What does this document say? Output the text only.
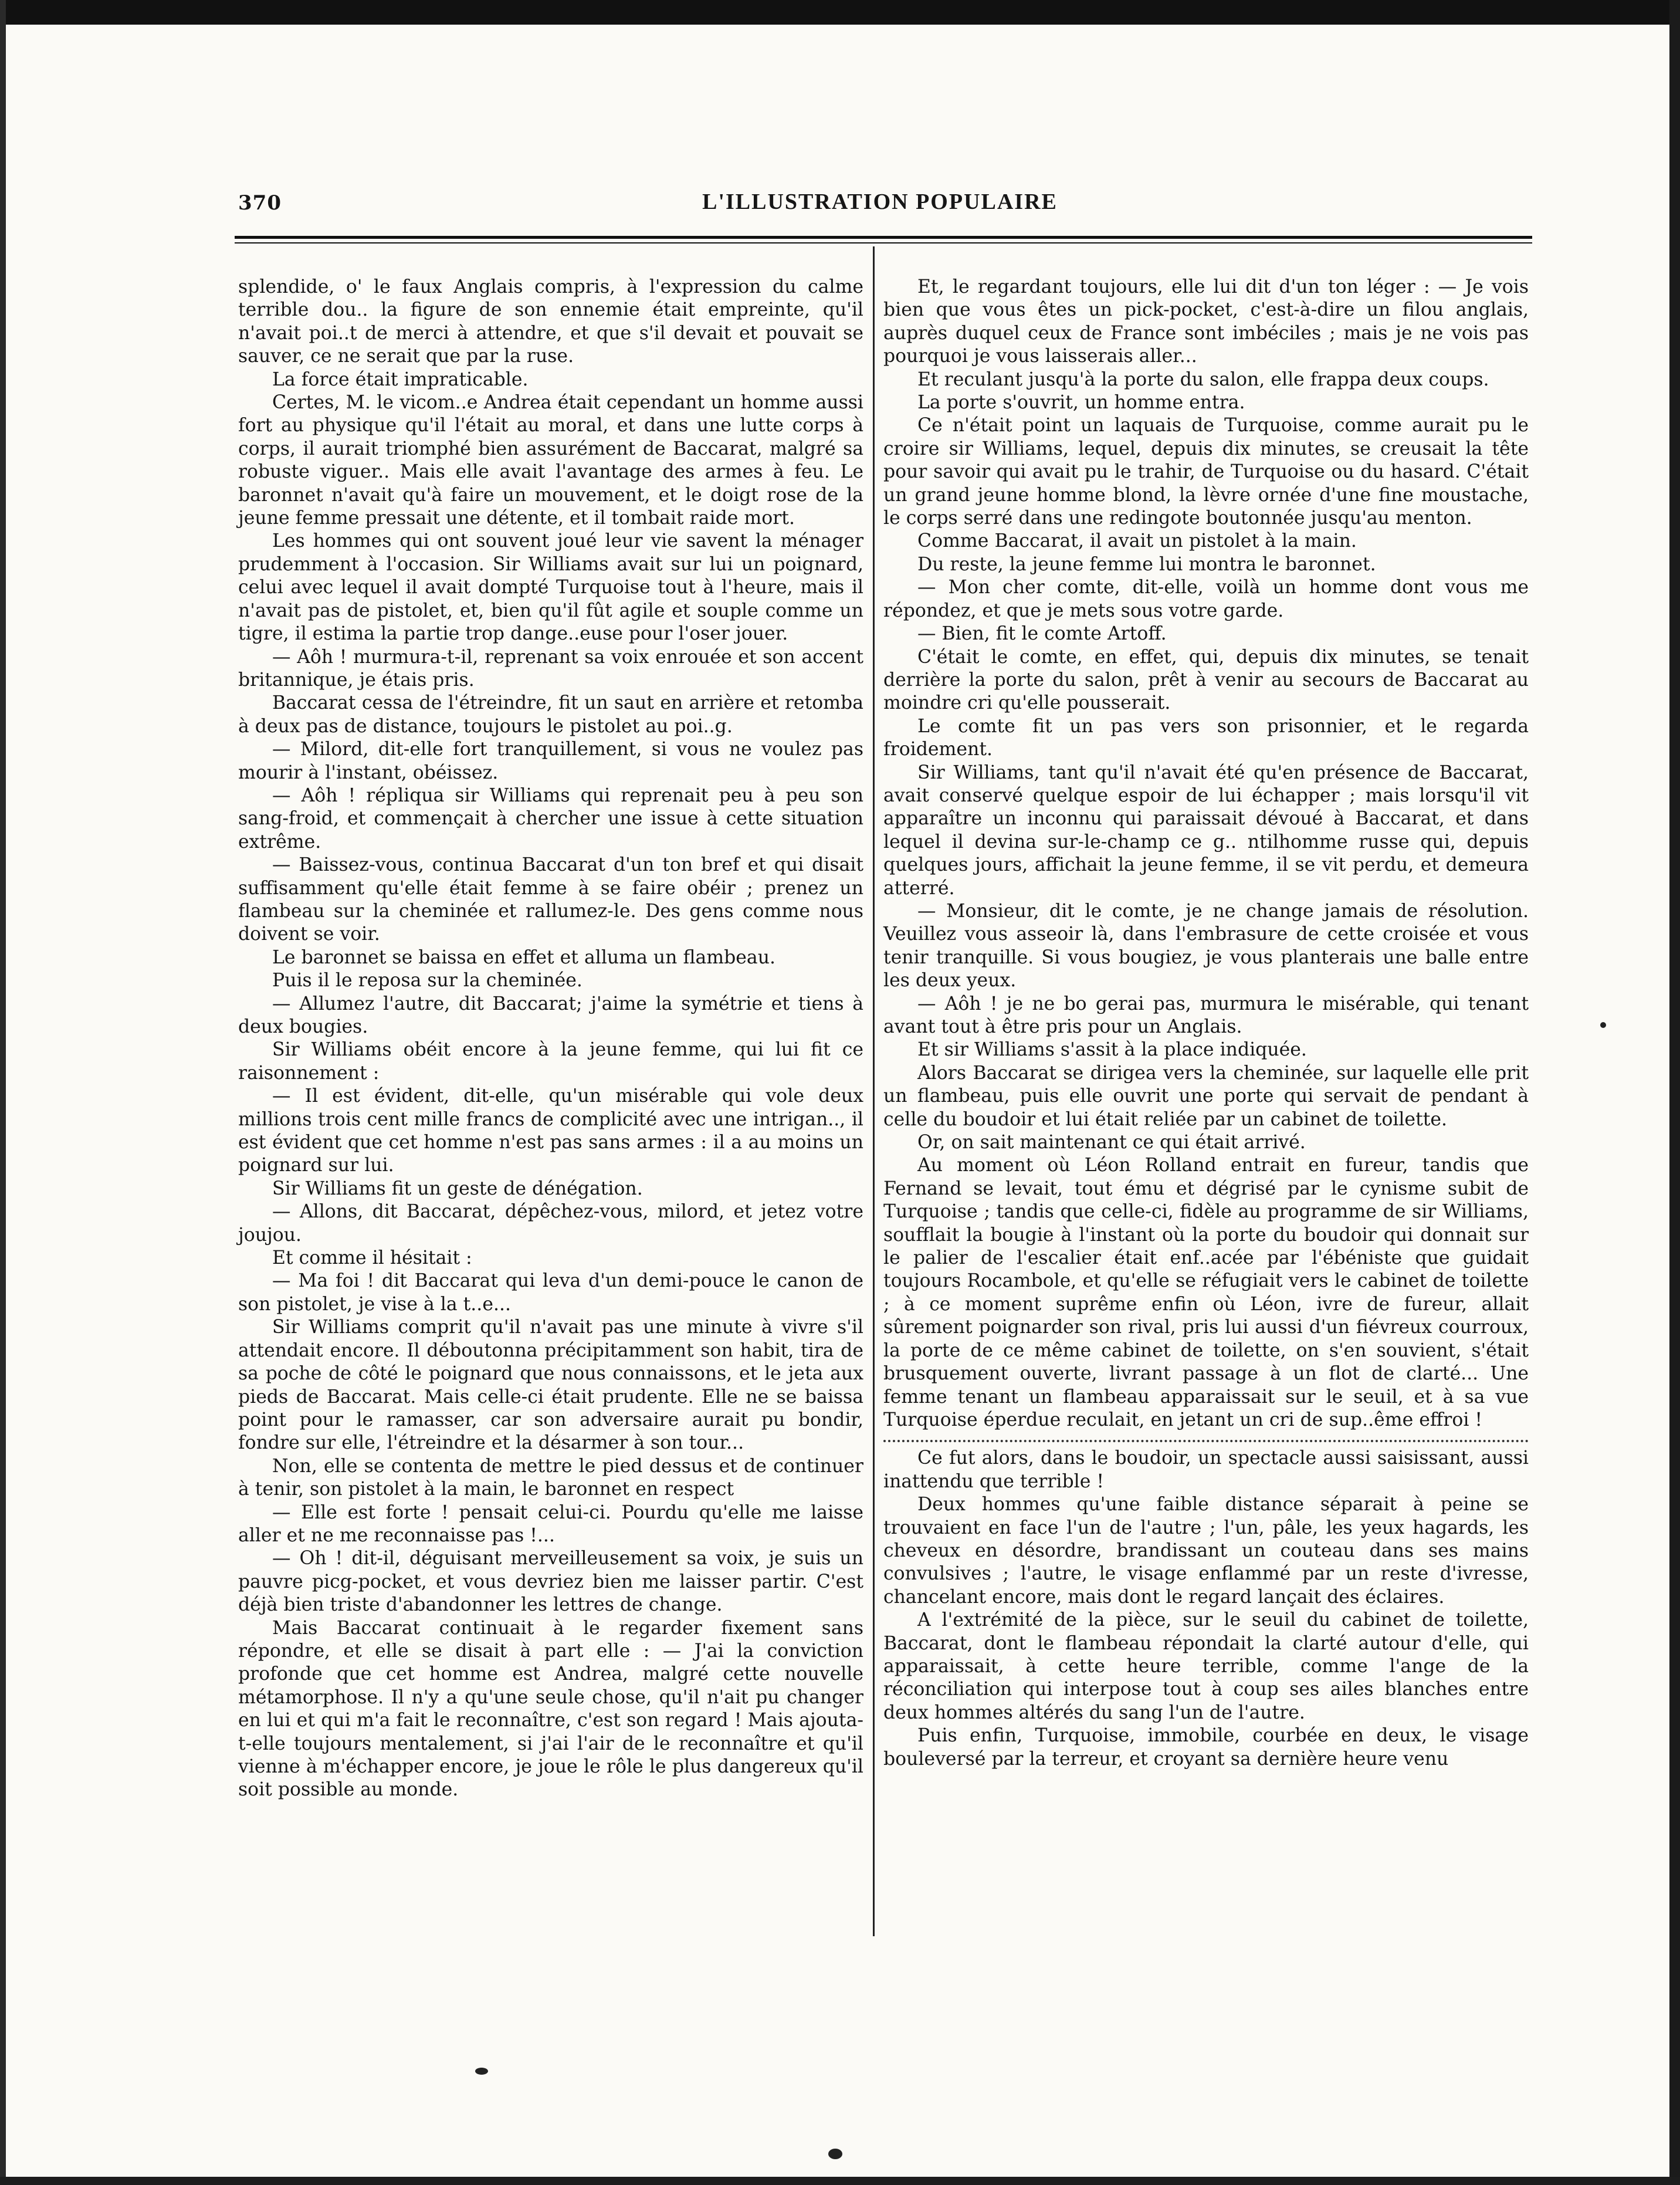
370	L'ILLUSTRATION POPULAIRE

splendide, o' le faux Anglais compris, à l'expression du calme terrible dou.. la figure de son ennemie était empreinte, qu'il n'avait poi..t de merci à attendre, et que s'il devait et pouvait se sauver, ce ne serait que par la ruse.

La force était impraticable.

Certes, M. le vicom..e Andrea était cependant un homme aussi fort au physique qu'il l'était au moral, et dans une lutte corps à corps, il aurait triomphé bien assurément de Baccarat, malgré sa robuste viguer.. Mais elle avait l'avantage des armes à feu. Le baronnet n'avait qu'à faire un mouvement, et le doigt rose de la jeune femme pressait une détente, et il tombait raide mort.

Les hommes qui ont souvent joué leur vie savent la ménager prudemment à l'occasion. Sir Williams avait sur lui un poignard, celui avec lequel il avait dompté Turquoise tout à l'heure, mais il n'avait pas de pistolet, et, bien qu'il fût agile et souple comme un tigre, il estima la partie trop dange..euse pour l'oser jouer.

— Aôh ! murmura-t-il, reprenant sa voix enrouée et son accent britannique, je étais pris.

Baccarat cessa de l'étreindre, fit un saut en arrière et retomba à deux pas de distance, toujours le pistolet au poi..g.

— Milord, dit-elle fort tranquillement, si vous ne voulez pas mourir à l'instant, obéissez.

— Aôh ! répliqua sir Williams qui reprenait peu à peu son sang-froid, et commençait à chercher une issue à cette situation extrême.

— Baissez-vous, continua Baccarat d'un ton bref et qui disait suffisamment qu'elle était femme à se faire obéir ; prenez un flambeau sur la cheminée et rallumez-le. Des gens comme nous doivent se voir.

Le baronnet se baissa en effet et alluma un flambeau.

Puis il le reposa sur la cheminée.

— Allumez l'autre, dit Baccarat; j'aime la symétrie et tiens à deux bougies.

Sir Williams obéit encore à la jeune femme, qui lui fit ce raisonnement :

— Il est évident, dit-elle, qu'un misérable qui vole deux millions trois cent mille francs de complicité avec une intrigan.., il est évident que cet homme n'est pas sans armes : il a au moins un poignard sur lui.

Sir Williams fit un geste de dénégation.

— Allons, dit Baccarat, dépêchez-vous, milord, et jetez votre joujou.

Et comme il hésitait :

— Ma foi ! dit Baccarat qui leva d'un demi-pouce le canon de son pistolet, je vise à la t..e...

Sir Williams comprit qu'il n'avait pas une minute à vivre s'il attendait encore. Il déboutonna précipitamment son habit, tira de sa poche de côté le poignard que nous connaissons, et le jeta aux pieds de Baccarat. Mais celle-ci était prudente. Elle ne se baissa point pour le ramasser, car son adversaire aurait pu bondir, fondre sur elle, l'étreindre et la désarmer à son tour...

Non, elle se contenta de mettre le pied dessus et de continuer à tenir, son pistolet à la main, le baronnet en respect

— Elle est forte ! pensait celui-ci. Pourdu qu'elle me laisse aller et ne me reconnaisse pas !...

— Oh ! dit-il, déguisant merveilleusement sa voix, je suis un pauvre picg-pocket, et vous devriez bien me laisser partir. C'est déjà bien triste d'abandonner les lettres de change.

Mais Baccarat continuait à le regarder fixement sans répondre, et elle se disait à part elle : — J'ai la conviction profonde que cet homme est Andrea, malgré cette nouvelle métamorphose. Il n'y a qu'une seule chose, qu'il n'ait pu changer en lui et qui m'a fait le reconnaître, c'est son regard ! Mais ajouta-t-elle toujours mentalement, si j'ai l'air de le reconnaître et qu'il vienne à m'échapper encore, je joue le rôle le plus dangereux qu'il soit possible au monde.

Et, le regardant toujours, elle lui dit d'un ton léger : — Je vois bien que vous êtes un pick-pocket, c'est-à-dire un filou anglais, auprès duquel ceux de France sont imbéciles ; mais je ne vois pas pourquoi je vous laisserais aller...

Et reculant jusqu'à la porte du salon, elle frappa deux coups.

La porte s'ouvrit, un homme entra.

Ce n'était point un laquais de Turquoise, comme aurait pu le croire sir Williams, lequel, depuis dix minutes, se creusait la tête pour savoir qui avait pu le trahir, de Turquoise ou du hasard. C'était un grand jeune homme blond, la lèvre ornée d'une fine moustache, le corps serré dans une redingote boutonnée jusqu'au menton.

Comme Baccarat, il avait un pistolet à la main.

Du reste, la jeune femme lui montra le baronnet.

— Mon cher comte, dit-elle, voilà un homme dont vous me répondez, et que je mets sous votre garde.

— Bien, fit le comte Artoff.

C'était le comte, en effet, qui, depuis dix minutes, se tenait derrière la porte du salon, prêt à venir au secours de Baccarat au moindre cri qu'elle pousserait.

Le comte fit un pas vers son prisonnier, et le regarda froidement.

Sir Williams, tant qu'il n'avait été qu'en présence de Baccarat, avait conservé quelque espoir de lui échapper ; mais lorsqu'il vit apparaître un inconnu qui paraissait dévoué à Baccarat, et dans lequel il devina sur-le-champ ce g.. ntilhomme russe qui, depuis quelques jours, affichait la jeune femme, il se vit perdu, et demeura atterré.

— Monsieur, dit le comte, je ne change jamais de résolution. Veuillez vous asseoir là, dans l'embrasure de cette croisée et vous tenir tranquille. Si vous bougiez, je vous planterais une balle entre les deux yeux.

— Aôh ! je ne bo gerai pas, murmura le misérable, qui tenant avant tout à être pris pour un Anglais.

Et sir Williams s'assit à la place indiquée.

Alors Baccarat se dirigea vers la cheminée, sur laquelle elle prit un flambeau, puis elle ouvrit une porte qui servait de pendant à celle du boudoir et lui était reliée par un cabinet de toilette.

Or, on sait maintenant ce qui était arrivé.

Au moment où Léon Rolland entrait en fureur, tandis que Fernand se levait, tout ému et dégrisé par le cynisme subit de Turquoise ; tandis que celle-ci, fidèle au programme de sir Williams, soufflait la bougie à l'instant où la porte du boudoir qui donnait sur le palier de l'escalier était enf..acée par l'ébéniste que guidait toujours Rocambole, et qu'elle se réfugiait vers le cabinet de toilette ; à ce moment suprême enfin où Léon, ivre de fureur, allait sûrement poignarder son rival, pris lui aussi d'un fiévreux courroux, la porte de ce même cabinet de toilette, on s'en souvient, s'était brusquement ouverte, livrant passage à un flot de clarté... Une femme tenant un flambeau apparaissait sur le seuil, et à sa vue Turquoise éperdue reculait, en jetant un cri de sup..ême effroi !

Ce fut alors, dans le boudoir, un spectacle aussi saisissant, aussi inattendu que terrible !

Deux hommes qu'une faible distance séparait à peine se trouvaient en face l'un de l'autre ; l'un, pâle, les yeux hagards, les cheveux en désordre, brandissant un couteau dans ses mains convulsives ; l'autre, le visage enflammé par un reste d'ivresse, chancelant encore, mais dont le regard lançait des éclaires.

A l'extrémité de la pièce, sur le seuil du cabinet de toilette, Baccarat, dont le flambeau répondait la clarté autour d'elle, qui apparaissait, à cette heure terrible, comme l'ange de la réconciliation qui interpose tout à coup ses ailes blanches entre deux hommes altérés du sang l'un de l'autre.

Puis enfin, Turquoise, immobile, courbée en deux, le visage bouleversé par la terreur, et croyant sa dernière heure venu
